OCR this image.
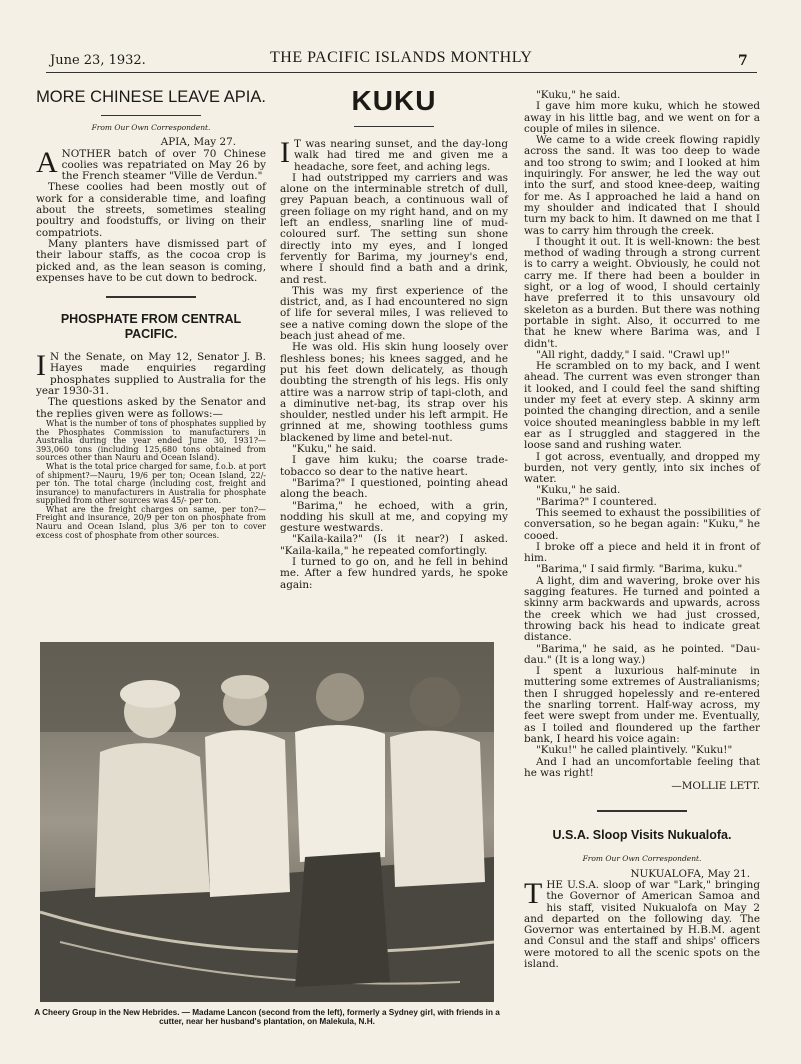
June 23, 1932.	THE PACIFIC ISLANDS MONTHLY	7
MORE CHINESE LEAVE APIA.
From Our Own Correspondent.

APIA, May 27.

ANOTHER batch of over 70 Chinese coolies was repatriated on May 26 by the French steamer "Ville de Verdun."

These coolies had been mostly out of work for a considerable time, and loafing about the streets, sometimes stealing poultry and foodstuffs, or living on their compatriots.

Many planters have dismissed part of their labour staffs, as the cocoa crop is picked and, as the lean season is coming, expenses have to be cut down to bedrock.

PHOSPHATE FROM CENTRAL PACIFIC.

IN the Senate, on May 12, Senator J. B. Hayes made enquiries regarding phosphates supplied to Australia for the year 1930-31.

The questions asked by the Senator and the replies given were as follows:—

What is the number of tons of phosphates supplied by the Phosphates Commission to manufacturers in Australia during the year ended June 30, 1931?—393,060 tons (including 125,680 tons obtained from sources other than Nauru and Ocean Island).

What is the total price charged for same, f.o.b. at port of shipment?—Nauru, 19/6 per ton; Ocean Island, 22/- per ton. The total charge (including cost, freight and insurance) to manufacturers in Australia for phosphate supplied from other sources was 45/- per ton.

What are the freight charges on same, per ton?—Freight and insurance, 20/9 per ton on phosphate from Nauru and Ocean Island, plus 3/6 per ton to cover excess cost of phosphate from other sources.

KUKU

IT was nearing sunset, and the day-long walk had tired me and given me a headache, sore feet, and aching legs.

I had outstripped my carriers and was alone on the interminable stretch of dull, grey Papuan beach, a continuous wall of green foliage on my right hand, and on my left an endless, snarling line of mud-coloured surf. The setting sun shone directly into my eyes, and I longed fervently for Barima, my journey's end, where I should find a bath and a drink, and rest.

This was my first experience of the district, and, as I had encountered no sign of life for several miles, I was relieved to see a native coming down the slope of the beach just ahead of me.

He was old. His skin hung loosely over fleshless bones; his knees sagged, and he put his feet down delicately, as though doubting the strength of his legs. His only attire was a narrow strip of tapi-cloth, and a diminutive net-bag, its strap over his shoulder, nestled under his left armpit. He grinned at me, showing toothless gums blackened by lime and betel-nut.

"Kuku," he said.

I gave him kuku; the coarse trade-tobacco so dear to the native heart.

"Barima?" I questioned, pointing ahead along the beach.

"Barima," he echoed, with a grin, nodding his skull at me, and copying my gesture westwards.

"Kaila-kaila?" (Is it near?) I asked. "Kaila-kaila," he repeated comfortingly.

I turned to go on, and he fell in behind me. After a few hundred yards, he spoke again:

"Kuku," he said.

I gave him more kuku, which he stowed away in his little bag, and we went on for a couple of miles in silence.

We came to a wide creek flowing rapidly across the sand. It was too deep to wade and too strong to swim; and I looked at him inquiringly. For answer, he led the way out into the surf, and stood knee-deep, waiting for me. As I approached he laid a hand on my shoulder and indicated that I should turn my back to him. It dawned on me that I was to carry him through the creek.

I thought it out. It is well-known: the best method of wading through a strong current is to carry a weight. Obviously, he could not carry me. If there had been a boulder in sight, or a log of wood, I should certainly have preferred it to this unsavoury old skeleton as a burden. But there was nothing portable in sight. Also, it occurred to me that he knew where Barima was, and I didn't.

"All right, daddy," I said. "Crawl up!"

He scrambled on to my back, and I went ahead. The current was even stronger than it looked, and I could feel the sand shifting under my feet at every step. A skinny arm pointed the changing direction, and a senile voice shouted meaningless babble in my left ear as I struggled and staggered in the loose sand and rushing water.

I got across, eventually, and dropped my burden, not very gently, into six inches of water.

"Kuku," he said.

"Barima?" I countered.

This seemed to exhaust the possibilities of conversation, so he began again: "Kuku," he cooed.

I broke off a piece and held it in front of him.

"Barima," I said firmly. "Barima, kuku."

A light, dim and wavering, broke over his sagging features. He turned and pointed a skinny arm backwards and upwards, across the creek which we had just crossed, throwing back his head to indicate great distance.

"Barima," he said, as he pointed. "Dau-dau." (It is a long way.)

I spent a luxurious half-minute in muttering some extremes of Australianisms; then I shrugged hopelessly and re-entered the snarling torrent. Half-way across, my feet were swept from under me. Eventually, as I toiled and floundered up the farther bank, I heard his voice again:

"Kuku!" he called plaintively. "Kuku!"

And I had an uncomfortable feeling that he was right!

—MOLLIE LETT.
U.S.A. Sloop Visits Nukualofa.
From Our Own Correspondent.

NUKUALOFA, May 21.

THE U.S.A. sloop of war "Lark," bringing the Governor of American Samoa and his staff, visited Nukualofa on May 2 and departed on the following day. The Governor was entertained by H.B.M. agent and Consul and the staff and ships' officers were motored to all the scenic spots on the island.

A Cheery Group in the New Hebrides. — Madame Lancon (second from the left), formerly a Sydney girl, with friends in a cutter, near her husband's plantation, on Malekula, N.H.
